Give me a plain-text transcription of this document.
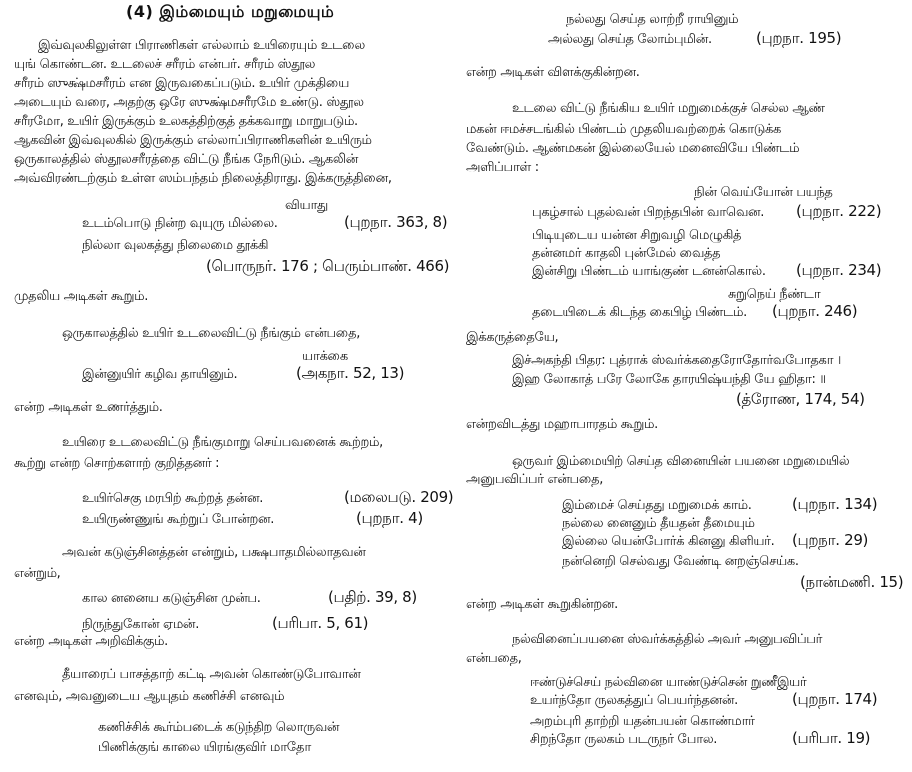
(4) இம்மையும் மறுமையும்
இவ்வுலகிலுள்ள பிராணிகள் எல்லாம் உயிரையும் உடலை
யுங் கொண்டன. உடலைச் சரீரம் என்பர். சரீரம் ஸ்தூல
சரீரம் ஸுக்ஷ்மசரீரம் என இருவகைப்படும். உயிர் முக்தியை
அடையும் வரை, அதற்கு ஒரே ஸுக்ஷ்மசரீரமே உண்டு. ஸ்தூல
சரீரமோ, உயிர் இருக்கும் உலகத்திற்குத் தக்கவாறு மாறுபடும்.
ஆகவின் இவ்வுலகில் இருக்கும் எல்லாப்பிராணிகளின் உயிரும்
ஒருகாலத்தில் ஸ்தூலசரீரத்தை விட்டு நீங்க நேரிடும். ஆகலின்
அவ்விரண்டற்கும் உள்ள ஸம்பந்தம் நிலைத்திராது. இக்கருத்தினை,
வியாது
உடம்பொடு நின்ற வுயுரு மில்லை.	(புறநா. 363, 8)
நில்லா வுலகத்து நிலைமை தூக்கி
(பொருநர். 176 ; பெரும்பாண். 466)
முதலிய அடிகள் கூறும்.
ஒருகாலத்தில் உயிர் உடலைவிட்டு நீங்கும் என்பதை,
யாக்கை
இன்னுயிர் கழிவ தாயினும்.	(அகநா. 52, 13)
என்ற அடிகள் உணர்த்தும்.
உயிரை உடலைவிட்டு நீங்குமாறு செய்பவனைக் கூற்றம்,
கூற்று என்ற சொற்களாற் குறித்தனர் :
உயிர்செகு மரபிற் கூற்றத் தன்ன.	(மலைபடு. 209)
உயிருண்ணுங் கூற்றுப் போன்றன.	(புறநா. 4)
அவன் கடுஞ்சினத்தன் என்றும், பக்ஷபாதமில்லாதவன்
என்றும்,
கால னனைய கடுஞ்சின முன்ப.	(பதிற். 39, 8)
நிருந்துகோன் ஏமன்.	(பரிபா. 5, 61)
என்ற அடிகள் அறிவிக்கும்.
தீயாரைப் பாசத்தாற் கட்டி அவன் கொண்டுபோவான்
எனவும், அவனுடைய ஆயுதம் கணிச்சி எனவும்
கணிச்சிக் கூர்ம்படைக் கடுந்திற லொருவன்
பிணிக்குங் காலை யிரங்குவிர் மாதோ
நல்லது செய்த லாற்றீ ராயினும்
அல்லது செய்த லோம்புமின்.	(புறநா. 195)
என்ற அடிகள் விளக்குகின்றன.
உடலை விட்டு நீங்கிய உயிர் மறுமைக்குச் செல்ல ஆண்
மகன் ஈமச்சடங்கில் பிண்டம் முதலியவற்றைக் கொடுக்க
வேண்டும். ஆண்மகன் இல்லையேல் மனைவியே பிண்டம்
அளிப்பாள் :
நின் வெய்யோன் பயந்த
புகழ்சால் புதல்வன் பிறந்தபின் வாவென. (புறநா. 222)
பிடியுடைய யன்ன சிறுவழி மெழுகித்
தன்னமர் காதலி புன்மேல் வைத்த
இன்சிறு பிண்டம் யாங்குண் டனன்கொல். (புறநா. 234)
சுறுநெய் நீண்டா
தடையிடைக் கிடந்த கைபிழ் பிண்டம். (புறநா. 246)
இக்கருத்தையே,
இச்அகந்தி பிதர: புத்ராக் ஸ்வர்க்கதைரோதோர்வபோதகா ।
இஹ லோகாத் பரே லோகே தாரயிஷ்யந்தி யே ஹிதா: ॥
(த்ரோண, 174, 54)
என்றவிடத்து மஹாபாரதம் கூறும்.
ஒருவர் இம்மையிற் செய்த வினையின் பயனை மறுமையில்
அனுபவிப்பர் என்பதை,
இம்மைச் செய்தது மறுமைக் காம்.	(புறநா. 134)
நல்லை னைனும் தீயதன் தீமையும்
இல்லை யென்போர்க் கினனு கிளியர். (புறநா. 29)
நன்னெறி செல்வது வேண்டி னறஞ்செய்க.
(நான்மணி. 15)
என்ற அடிகள் கூறுகின்றன.
நல்வினைப்பயனை ஸ்வர்க்கத்தில் அவர் அனுபவிப்பர்
என்பதை,
ஈண்டுச்செய் நல்வினை யாண்டுச்சென் றுணீஇயர்
உயர்ந்தோ ருலகத்துப் பெயர்ந்தனன்.	(புறநா. 174)
அறம்புரி தாற்றி யதன்பயன் கொண்மார்
சிறந்தோ ருலகம் படருநர் போல.	(பரிபா. 19)
